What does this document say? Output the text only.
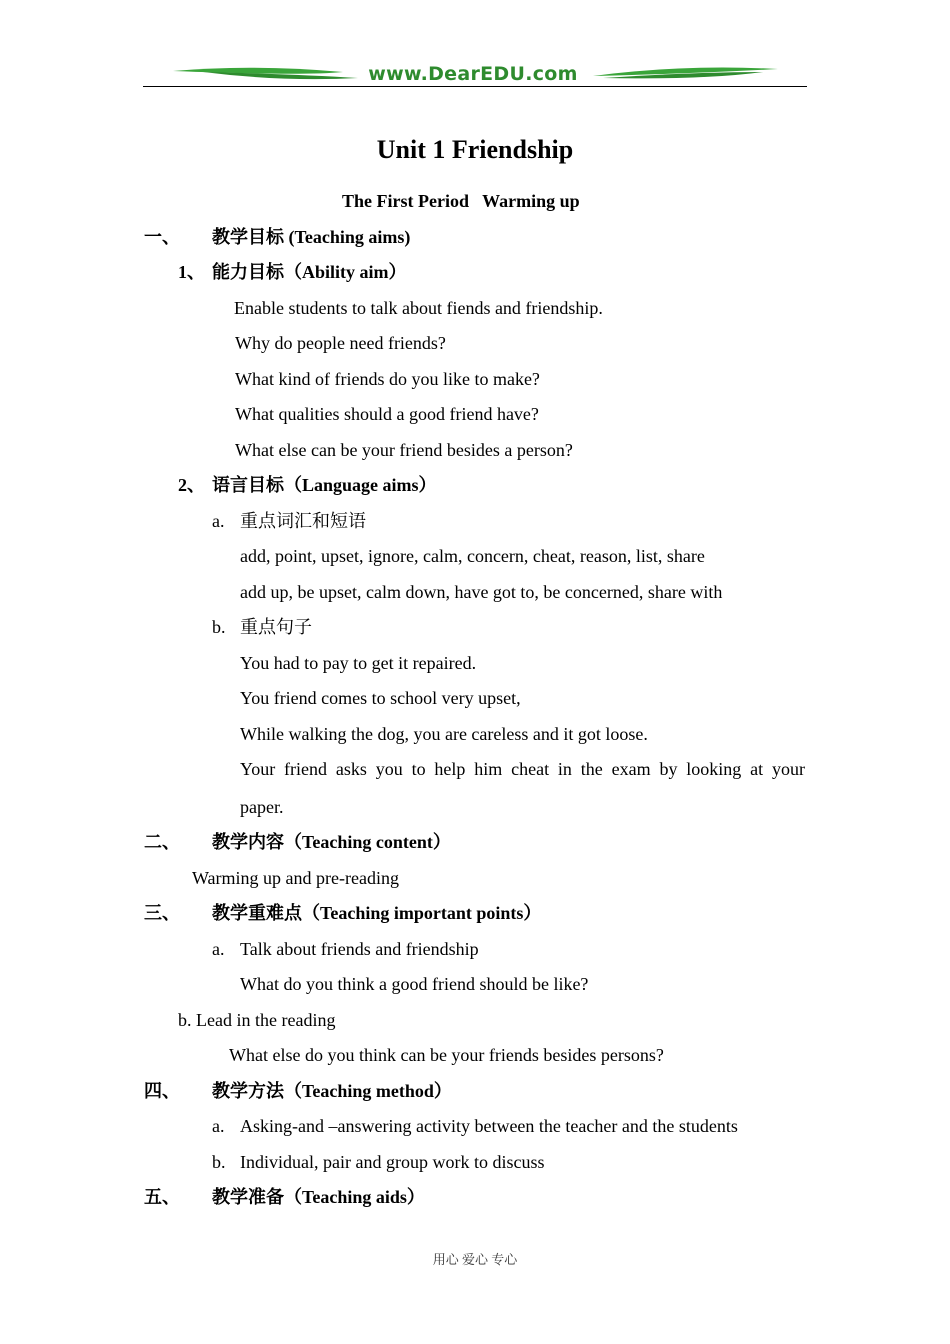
www.DearEDU.com
Unit 1 Friendship
The First Period   Warming up
一、 教学目标 (Teaching aims)
1、 能力目标（Ability aim）
Enable students to talk about fiends and friendship.
Why do people need friends?
What kind of friends do you like to make?
What qualities should a good friend have?
What else can be your friend besides a person?
2、 语言目标（Language aims）
a. 重点词汇和短语
add, point, upset, ignore, calm, concern, cheat, reason, list, share
add up, be upset, calm down, have got to, be concerned, share with
b. 重点句子
You had to pay to get it repaired.
You friend comes to school very upset,
While walking the dog, you are careless and it got loose.
Your friend asks you to help him cheat in the exam by looking at your
paper.
二、 教学内容（Teaching content）
Warming up and pre-reading
三、 教学重难点（Teaching important points）
a. Talk about friends and friendship
What do you think a good friend should be like?
b. Lead in the reading
What else do you think can be your friends besides persons?
四、 教学方法（Teaching method）
a. Asking-and –answering activity between the teacher and the students
b. Individual, pair and group work to discuss
五、 教学准备（Teaching aids）
用心 爱心 专心
